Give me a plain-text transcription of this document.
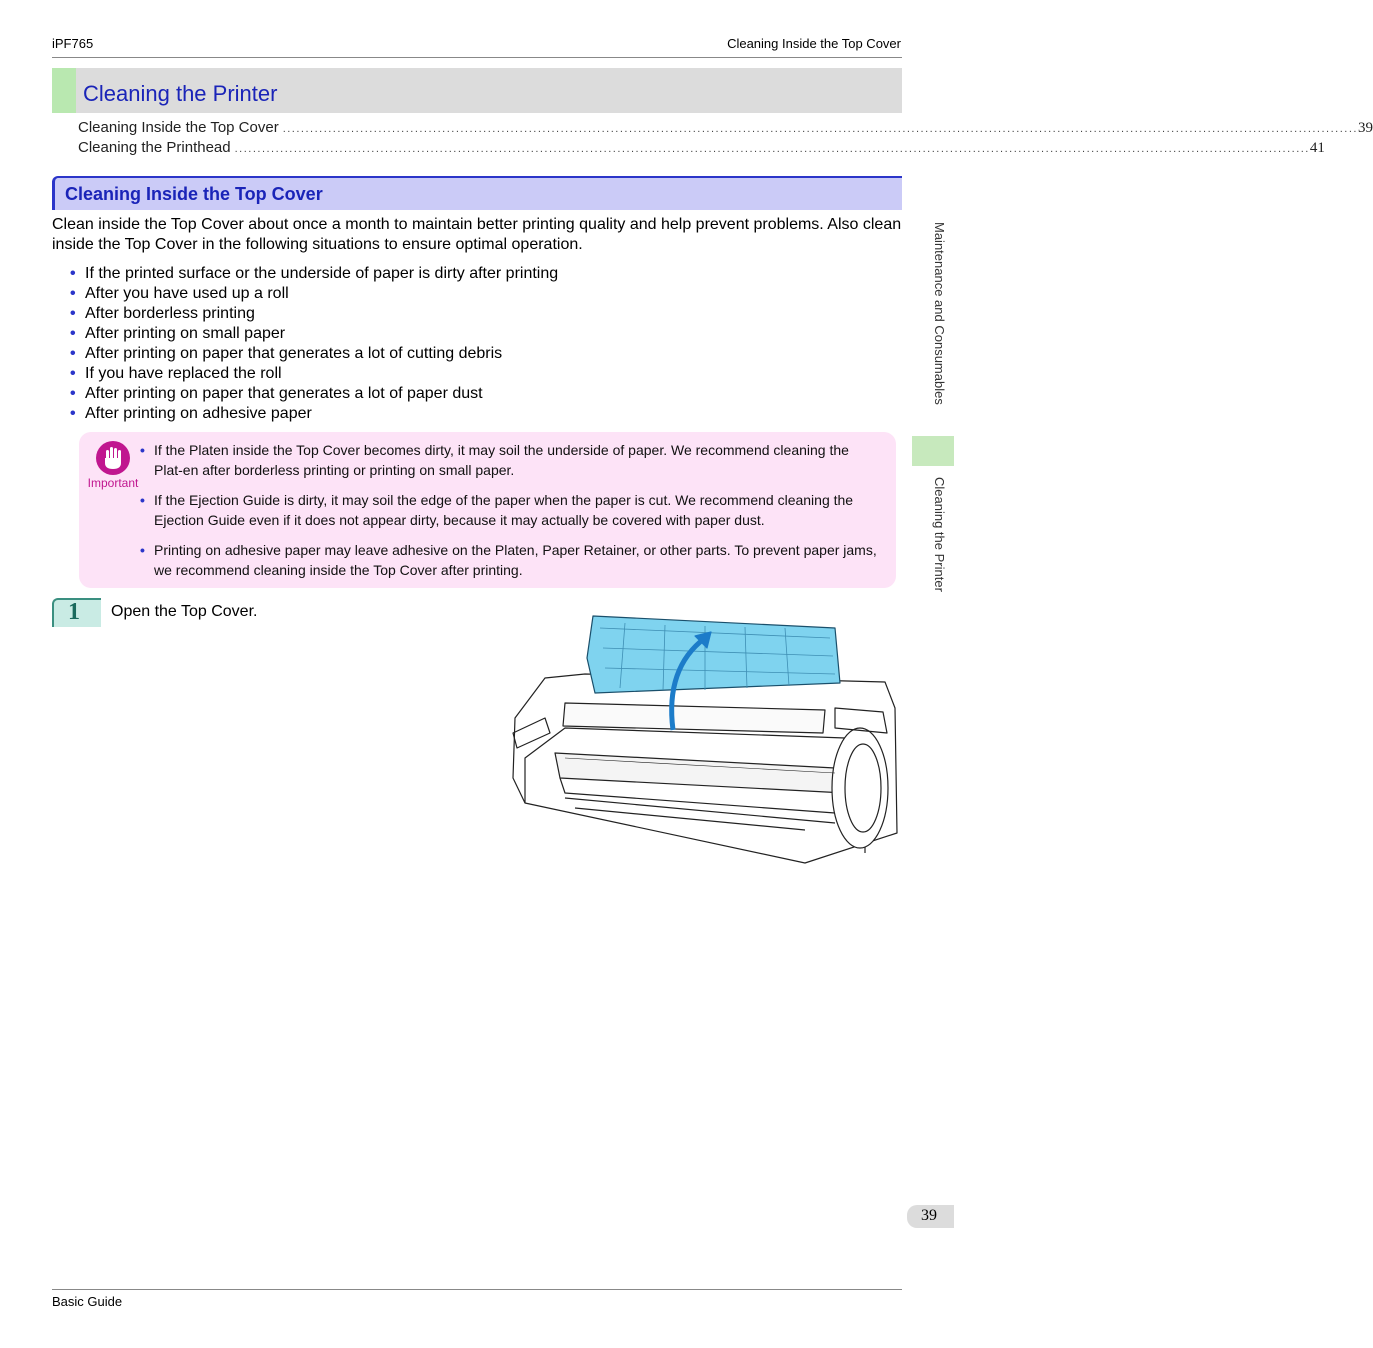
iPF765	Cleaning Inside the Top Cover
Cleaning the Printer
Cleaning Inside the Top Cover ............................................................................................................................................................................................................................................ 39
Cleaning the Printhead ............................................................................................................................................................................................................................................ 41
Cleaning Inside the Top Cover
Clean inside the Top Cover about once a month to maintain better printing quality and help prevent problems. Also clean inside the Top Cover in the following situations to ensure optimal operation.
• If the printed surface or the underside of paper is dirty after printing
• After you have used up a roll
• After borderless printing
• After printing on small paper
• After printing on paper that generates a lot of cutting debris
• If you have replaced the roll
• After printing on paper that generates a lot of paper dust
• After printing on adhesive paper
Important
• If the Platen inside the Top Cover becomes dirty, it may soil the underside of paper. We recommend cleaning the Plat-en after borderless printing or printing on small paper.
• If the Ejection Guide is dirty, it may soil the edge of the paper when the paper is cut. We recommend cleaning the Ejection Guide even if it does not appear dirty, because it may actually be covered with paper dust.
• Printing on adhesive paper may leave adhesive on the Platen, Paper Retainer, or other parts. To prevent paper jams, we recommend cleaning inside the Top Cover after printing.
1 Open the Top Cover.
Maintenance and Consumables
Cleaning the Printer
39
Basic Guide
